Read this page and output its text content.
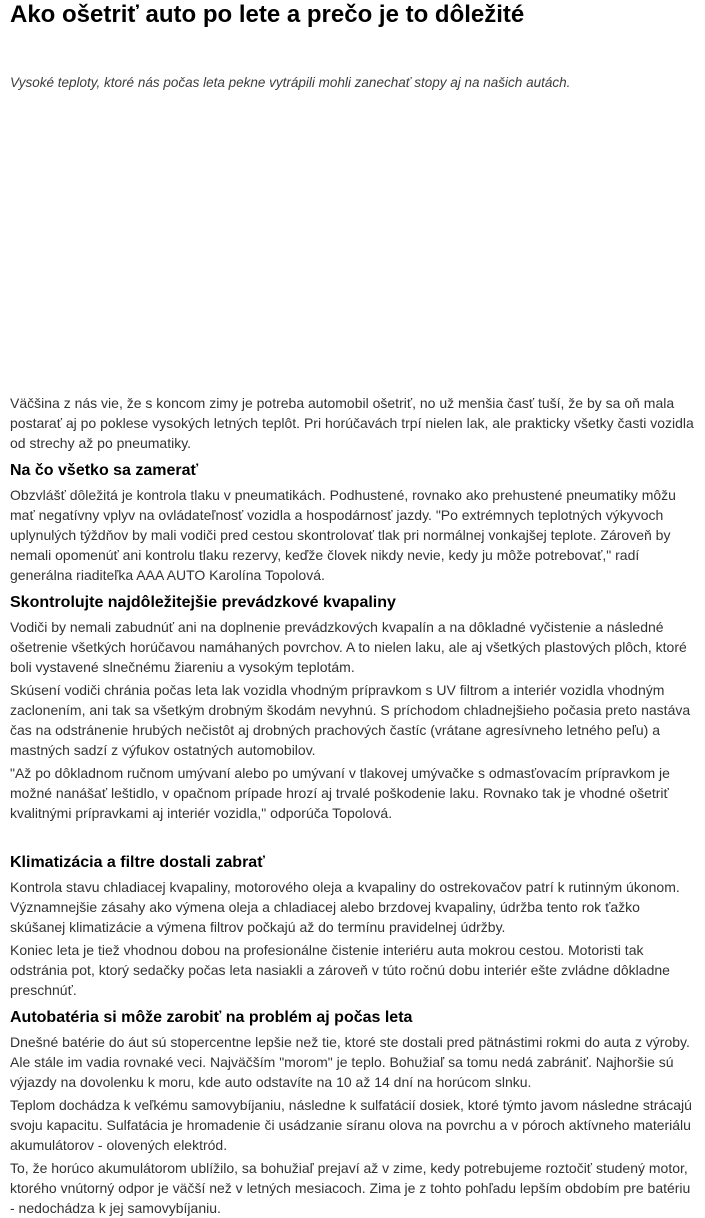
Ako ošetriť auto po lete a prečo je to dôležité

Vysoké teploty, ktoré nás počas leta pekne vytrápili mohli zanechať stopy aj na našich autách.

Väčšina z nás vie, že s koncom zimy je potreba automobil ošetriť, no už menšia časť tuší, že by sa oň mala postarať aj po poklese vysokých letných teplôt. Pri horúčavách trpí nielen lak, ale prakticky všetky časti vozidla od strechy až po pneumatiky.

Na čo všetko sa zamerať

Obzvlášť dôležitá je kontrola tlaku v pneumatikách. Podhustené, rovnako ako prehustené pneumatiky môžu mať negatívny vplyv na ovládateľnosť vozidla a hospodárnosť jazdy. "Po extrémnych teplotných výkyvoch uplynulých týždňov by mali vodiči pred cestou skontrolovať tlak pri normálnej vonkajšej teplote. Zároveň by nemali opomenúť ani kontrolu tlaku rezervy, keďže človek nikdy nevie, kedy ju môže potrebovať," radí generálna riaditeľka AAA AUTO Karolína Topolová.

Skontrolujte najdôležitejšie prevádzkové kvapaliny

Vodiči by nemali zabudnúť ani na doplnenie prevádzkových kvapalín a na dôkladné vyčistenie a následné ošetrenie všetkých horúčavou namáhaných povrchov. A to nielen laku, ale aj všetkých plastových plôch, ktoré boli vystavené slnečnému žiareniu a vysokým teplotám.

Skúsení vodiči chránia počas leta lak vozidla vhodným prípravkom s UV filtrom a interiér vozidla vhodným zaclonením, ani tak sa všetkým drobným škodám nevyhnú. S príchodom chladnejšieho počasia preto nastáva čas na odstránenie hrubých nečistôt aj drobných prachových častíc (vrátane agresívneho letného peľu) a mastných sadzí z výfukov ostatných automobilov.

"Až po dôkladnom ručnom umývaní alebo po umývaní v tlakovej umývačke s odmasťovacím prípravkom je možné nanášať leštidlo, v opačnom prípade hrozí aj trvalé poškodenie laku. Rovnako tak je vhodné ošetriť kvalitnými prípravkami aj interiér vozidla," odporúča Topolová.

Klimatizácia a filtre dostali zabrať

Kontrola stavu chladiacej kvapaliny, motorového oleja a kvapaliny do ostrekovačov patrí k rutinným úkonom. Významnejšie zásahy ako výmena oleja a chladiacej alebo brzdovej kvapaliny, údržba tento rok ťažko skúšanej klimatizácie a výmena filtrov počkajú až do termínu pravidelnej údržby.

Koniec leta je tiež vhodnou dobou na profesionálne čistenie interiéru auta mokrou cestou. Motoristi tak odstránia pot, ktorý sedačky počas leta nasiakli a zároveň v túto ročnú dobu interiér ešte zvládne dôkladne preschnúť.

Autobatéria si môže zarobiť na problém aj počas leta

Dnešné batérie do áut sú stopercentne lepšie než tie, ktoré ste dostali pred pätnástimi rokmi do auta z výroby. Ale stále im vadia rovnaké veci. Najväčším "morom" je teplo. Bohužiaľ sa tomu nedá zabrániť. Najhoršie sú výjazdy na dovolenku k moru, kde auto odstavíte na 10 až 14 dní na horúcom slnku.

Teplom dochádza k veľkému samovybíjaniu, následne k sulfatácií dosiek, ktoré týmto javom následne strácajú svoju kapacitu. Sulfatácia je hromadenie či usádzanie síranu olova na povrchu a v póroch aktívneho materiálu akumulátorov - olovených elektród.

To, že horúco akumulátorom ublížilo, sa bohužiaľ prejaví až v zime, kedy potrebujeme roztočiť studený motor, ktorého vnútorný odpor je väčší než v letných mesiacoch. Zima je z tohto pohľadu lepším obdobím pre batériu - nedochádza k jej samovybíjaniu.
